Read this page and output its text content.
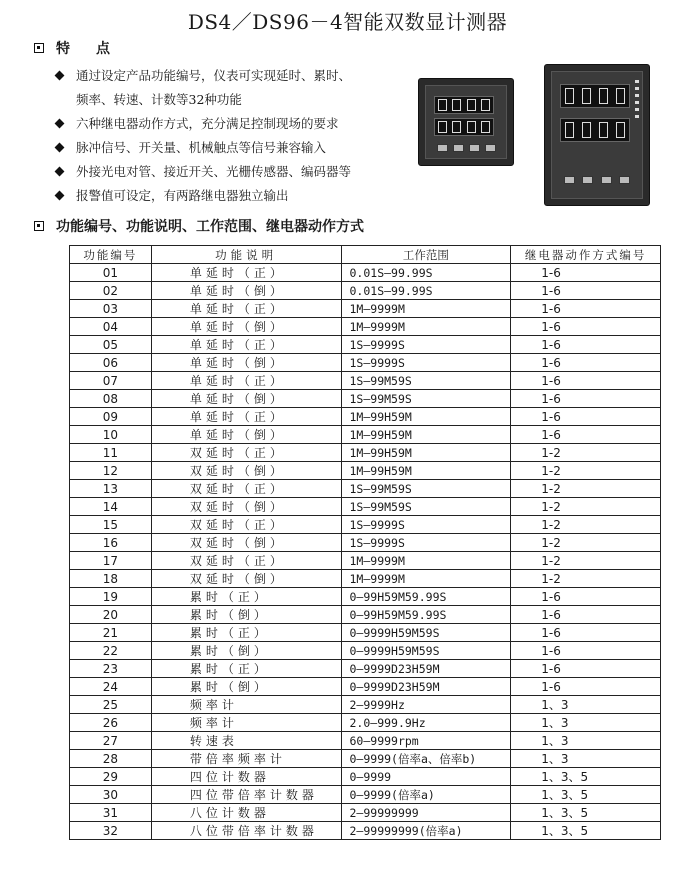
DS4／DS96－4智能双数显计测器
特点
通过设定产品功能编号，仪表可实现延时、累时、
频率、转速、计数等32种功能
六种继电器动作方式，充分满足控制现场的要求
脉冲信号、开关量、机械触点等信号兼容输入
外接光电对管、接近开关、光栅传感器、编码器等
报警值可设定，有两路继电器独立输出
功能编号、功能说明、工作范围、继电器动作方式
功能编号	功能说明	工作范围	继电器动作方式编号
01	单延时（正）	0.01S—99.99S	1-6
02	单延时（倒）	0.01S—99.99S	1-6
03	单延时（正）	1M—9999M	1-6
04	单延时（倒）	1M—9999M	1-6
05	单延时（正）	1S—9999S	1-6
06	单延时（倒）	1S—9999S	1-6
07	单延时（正）	1S—99M59S	1-6
08	单延时（倒）	1S—99M59S	1-6
09	单延时（正）	1M—99H59M	1-6
10	单延时（倒）	1M—99H59M	1-6
11	双延时（正）	1M—99H59M	1-2
12	双延时（倒）	1M—99H59M	1-2
13	双延时（正）	1S—99M59S	1-2
14	双延时（倒）	1S—99M59S	1-2
15	双延时（正）	1S—9999S	1-2
16	双延时（倒）	1S—9999S	1-2
17	双延时（正）	1M—9999M	1-2
18	双延时（倒）	1M—9999M	1-2
19	累时（正）	0—99H59M59.99S	1-6
20	累时（倒）	0—99H59M59.99S	1-6
21	累时（正）	0—9999H59M59S	1-6
22	累时（倒）	0—9999H59M59S	1-6
23	累时（正）	0—9999D23H59M	1-6
24	累时（倒）	0—9999D23H59M	1-6
25	频率计	2—9999Hz	1、3
26	频率计	2.0—999.9Hz	1、3
27	转速表	60—9999rpm	1、3
28	带倍率频率计	0—9999(倍率a、倍率b)	1、3
29	四位计数器	0—9999	1、3、5
30	四位带倍率计数器	0—9999(倍率a)	1、3、5
31	八位计数器	2—99999999	1、3、5
32	八位带倍率计数器	2—99999999(倍率a)	1、3、5
